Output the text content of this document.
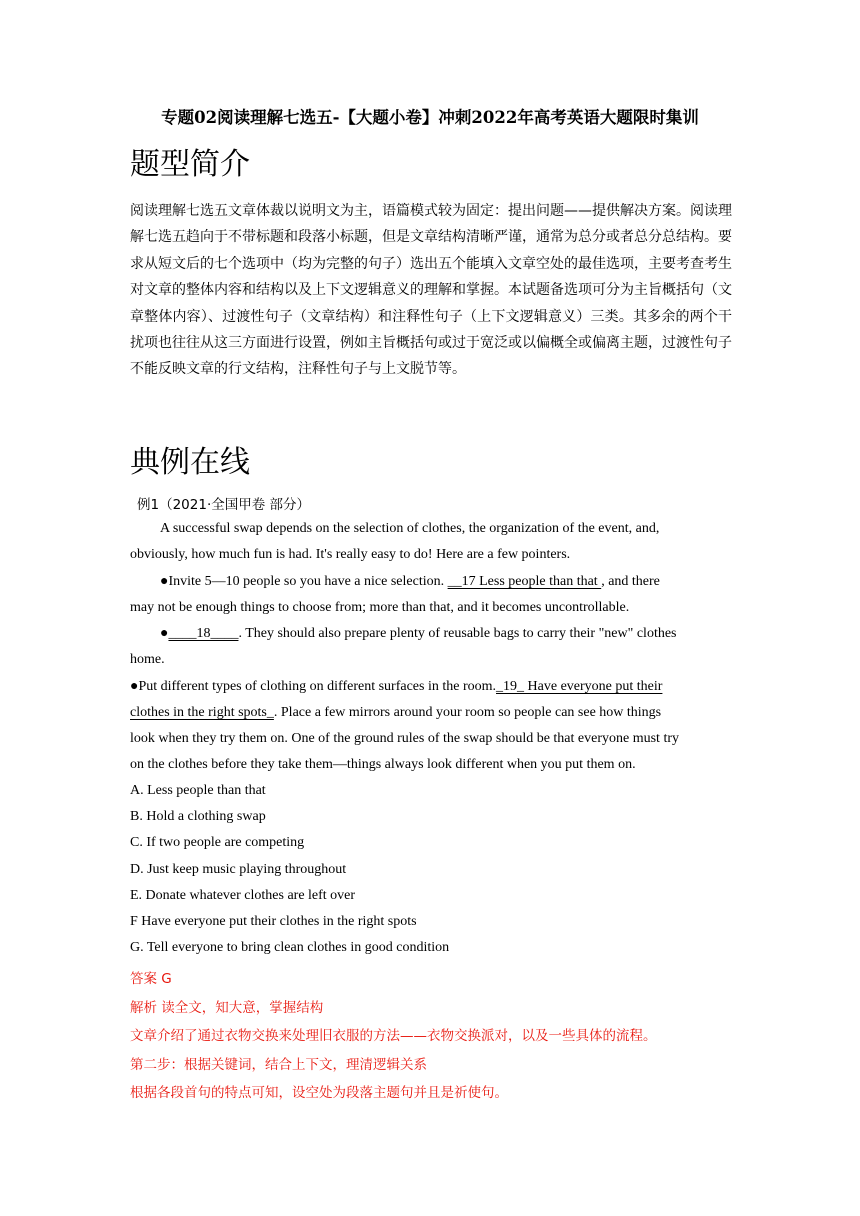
专题02阅读理解七选五-【大题小卷】冲刺2022年高考英语大题限时集训
题型简介
阅读理解七选五文章体裁以说明文为主，语篇模式较为固定：提出问题——提供解决方案。阅读理解七选五趋向于不带标题和段落小标题，但是文章结构清晰严谨，通常为总分或者总分总结构。要求从短文后的七个选项中（均为完整的句子）选出五个能填入文章空处的最佳选项，主要考查考生对文章的整体内容和结构以及上下文逻辑意义的理解和掌握。本试题备选项可分为主旨概括句（文章整体内容）、过渡性句子（文章结构）和注释性句子（上下文逻辑意义）三类。其多余的两个干扰项也往往从这三方面进行设置，例如主旨概括句或过于宽泛或以偏概全或偏离主题，过渡性句子不能反映文章的行文结构，注释性句子与上文脱节等。
典例在线
例1（2021·全国甲卷 部分）
A successful swap depends on the selection of clothes, the organization of the event, and,
obviously, how much fun is had. It's really easy to do! Here are a few pointers.
●Invite 5—10 people so you have a nice selection. __17 Less people than that , and there
may not be enough things to choose from; more than that, and it becomes uncontrollable.
●____18____. They should also prepare plenty of reusable bags to carry their "new" clothes
home.
●Put different types of clothing on different surfaces in the room._19_ Have everyone put their
clothes in the right spots_. Place a few mirrors around your room so people can see how things
look when they try them on. One of the ground rules of the swap should be that everyone must try
on the clothes before they take them—things always look different when you put them on.
A. Less people than that
B. Hold a clothing swap
C. If two people are competing
D. Just keep music playing throughout
E. Donate whatever clothes are left over
F Have everyone put their clothes in the right spots
G. Tell everyone to bring clean clothes in good condition
答案 G
解析 读全文，知大意，掌握结构
文章介绍了通过衣物交换来处理旧衣服的方法——衣物交换派对，以及一些具体的流程。
第二步：根据关键词，结合上下文，理清逻辑关系
根据各段首句的特点可知，设空处为段落主题句并且是祈使句。
